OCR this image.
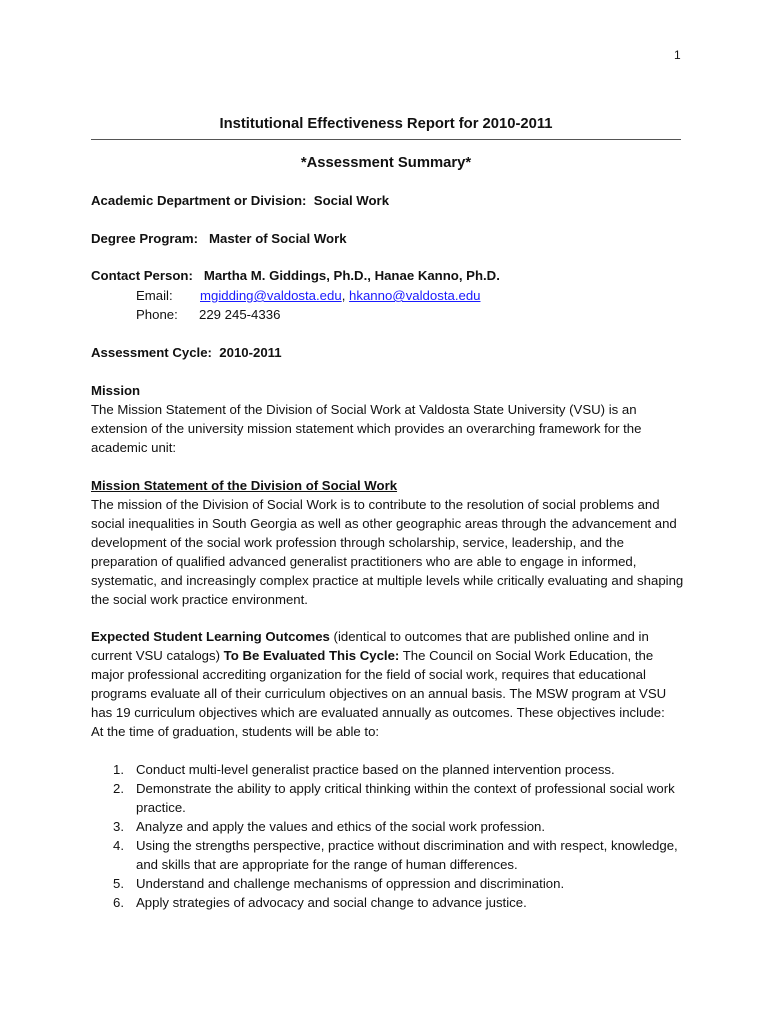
1
Institutional Effectiveness Report for 2010-2011
*Assessment Summary*
Academic Department or Division: Social Work
Degree Program: Master of Social Work
Contact Person: Martha M. Giddings, Ph.D., Hanae Kanno, Ph.D.
Email: mgidding@valdosta.edu, hkanno@valdosta.edu
Phone: 229 245-4336
Assessment Cycle: 2010-2011

Mission

The Mission Statement of the Division of Social Work at Valdosta State University (VSU) is an extension of the university mission statement which provides an overarching framework for the academic unit:

Mission Statement of the Division of Social Work

The mission of the Division of Social Work is to contribute to the resolution of social problems and social inequalities in South Georgia as well as other geographic areas through the advancement and development of the social work profession through scholarship, service, leadership, and the preparation of qualified advanced generalist practitioners who are able to engage in informed, systematic, and increasingly complex practice at multiple levels while critically evaluating and shaping the social work practice environment.

Expected Student Learning Outcomes (identical to outcomes that are published online and in current VSU catalogs) To Be Evaluated This Cycle: The Council on Social Work Education, the major professional accrediting organization for the field of social work, requires that educational programs evaluate all of their curriculum objectives on an annual basis. The MSW program at VSU has 19 curriculum objectives which are evaluated annually as outcomes. These objectives include:

At the time of graduation, students will be able to:

1. Conduct multi-level generalist practice based on the planned intervention process.
2. Demonstrate the ability to apply critical thinking within the context of professional social work practice.
3. Analyze and apply the values and ethics of the social work profession.
4. Using the strengths perspective, practice without discrimination and with respect, knowledge, and skills that are appropriate for the range of human differences.
5. Understand and challenge mechanisms of oppression and discrimination.
6. Apply strategies of advocacy and social change to advance justice.
